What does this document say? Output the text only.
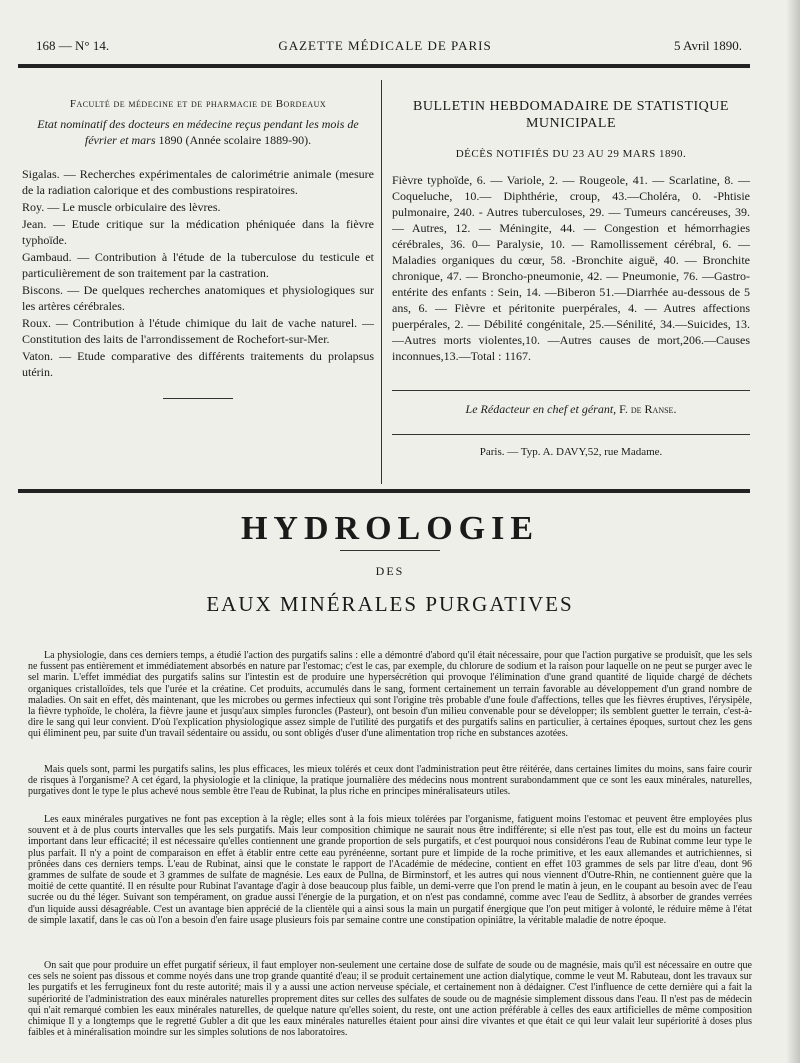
168 — N° 14.	GAZETTE MÉDICALE DE PARIS	5 Avril 1890.
Faculté de médecine et de pharmacie de Bordeaux
Etat nominatif des docteurs en médecine reçus pendant les mois de février et mars 1890 (Année scolaire 1889-90).
Sigalas. — Recherches expérimentales de calorimétrie animale (mesure de la radiation calorique et des combustions respiratoires.
Roy. — Le muscle orbiculaire des lèvres.
Jean. — Etude critique sur la médication phéniquée dans la fièvre typhoïde.
Gambaud. — Contribution à l'étude de la tuberculose du testicule et particulièrement de son traitement par la castration.
Biscons. — De quelques recherches anatomiques et physiologiques sur les artères cérébrales.
Roux. — Contribution à l'étude chimique du lait de vache naturel. — Constitution des laits de l'arrondissement de Rochefort-sur-Mer.
Vaton. — Etude comparative des différents traitements du prolapsus utérin.
BULLETIN HEBDOMADAIRE DE STATISTIQUE MUNICIPALE
DÉCÈS NOTIFIÉS DU 23 AU 29 MARS 1890.
Fièvre typhoïde, 6. — Variole, 2. — Rougeole, 41. — Scarlatine, 8. — Coqueluche, 10.— Diphthérie, croup, 43.—Choléra, 0. -Phtisie pulmonaire, 240. - Autres tuberculoses, 29. — Tumeurs cancéreuses, 39. — Autres, 12. — Méningite, 44. — Congestion et hémorrhagies cérébrales, 36. 0— Paralysie, 10. — Ramollissement cérébral, 6. — Maladies organiques du cœur, 58. -Bronchite aiguë, 40. — Bronchite chronique, 47. — Broncho-pneumonie, 42. — Pneumonie, 76. —Gastro-entérite des enfants : Sein, 14. —Biberon 51.—Diarrhée au-dessous de 5 ans, 6. — Fièvre et péritonite puerpérales, 4. — Autres affections puerpérales, 2. — Débilité congénitale, 25.—Sénilité, 34.—Suicides, 13.—Autres morts violentes,10. —Autres causes de mort,206.—Causes inconnues,13.—Total : 1167.
Le Rédacteur en chef et gérant, F. de Ranse.
Paris. — Typ. A. DAVY,52, rue Madame.
HYDROLOGIE
DES
EAUX MINÉRALES PURGATIVES

La physiologie, dans ces derniers temps, a étudié l'action des purgatifs salins : elle a démontré d'abord qu'il était nécessaire, pour que l'action purgative se produisît, que les sels ne fussent pas entièrement et immédiatement absorbés en nature par l'estomac; c'est le cas, par exemple, du chlorure de sodium et la raison pour laquelle on ne peut se purger avec le sel marin. L'effet immédiat des purgatifs salins sur l'intestin est de produire une hypersécrétion qui provoque l'élimination d'une grand quantité de liquide chargé de déchets organiques cristalloïdes, tels que l'urée et la créatine. Cet produits, accumulés dans le sang, forment certainement un terrain favorable au développement d'un grand nombre de maladies. On sait en effet, dès maintenant, que les microbes ou germes infectieux qui sont l'origine très probable d'une foule d'affections, telles que les fièvres éruptives, l'érysipèle, la fièvre typhoïde, le choléra, la fièvre jaune et jusqu'aux simples furoncles (Pasteur), ont besoin d'un milieu convenable pour se développer; ils semblent guetter le terrain, c'est-à-dire le sang qui leur convient. D'où l'explication physiologique assez simple de l'utilité des purgatifs et des purgatifs salins en particulier, à certaines époques, surtout chez les gens qui éliminent peu, par suite d'un travail sédentaire ou assidu, ou sont obligés d'user d'une alimentation trop riche en substances azotées.

Mais quels sont, parmi les purgatifs salins, les plus efficaces, les mieux tolérés et ceux dont l'administration peut être réitérée, dans certaines limites du moins, sans faire courir de risques à l'organisme? A cet égard, la physiologie et la clinique, la pratique journalière des médecins nous montrent surabondamment que ce sont les eaux minérales, naturelles, purgatives dont le type le plus achevé nous semble être l'eau de Rubinat, la plus riche en principes minéralisateurs utiles.

Les eaux minérales purgatives ne font pas exception à la règle; elles sont à la fois mieux tolérées par l'organisme, fatiguent moins l'estomac et peuvent être employées plus souvent et à de plus courts intervalles que les sels purgatifs. Mais leur composition chimique ne saurait nous être indifférente; si elle n'est pas tout, elle est du moins un facteur important dans leur efficacité; il est nécessaire qu'elles contiennent une grande proportion de sels purgatifs, et c'est pourquoi nous considérons l'eau de Rubinat comme leur type le plus parfait. Il n'y a point de comparaison en effet à établir entre cette eau pyrénéenne, sortant pure et limpide de la roche primitive, et les eaux allemandes et autrichiennes, si prônées dans ces derniers temps. L'eau de Rubinat, ainsi que le constate le rapport de l'Académie de médecine, contient en effet 103 grammes de sels par litre d'eau, dont 96 grammes de sulfate de soude et 3 grammes de sulfate de magnésie. Les eaux de Pullna, de Birminstorf, et les autres qui nous viennent d'Outre-Rhin, ne contiennent guère que la moitié de cette quantité. Il en résulte pour Rubinat l'avantage d'agir à dose beaucoup plus faible, un demi-verre que l'on prend le matin à jeun, en le coupant au besoin avec de l'eau sucrée ou du thé léger. Suivant son tempérament, on gradue aussi l'énergie de la purgation, et on n'est pas condamné, comme avec l'eau de Sedlitz, à absorber de grandes verrées d'un liquide aussi désagréable. C'est un avantage bien apprécié de la clientèle qui a ainsi sous la main un purgatif énergique que l'on peut mitiger à volonté, le réduire même à l'état de simple laxatif, dans le cas où l'on a besoin d'en faire usage plusieurs fois par semaine contre une constipation opiniâtre, la véritable maladie de notre époque.

On sait que pour produire un effet purgatif sérieux, il faut employer non-seulement une certaine dose de sulfate de soude ou de magnésie, mais qu'il est nécessaire en outre que ces sels ne soient pas dissous et comme noyés dans une trop grande quantité d'eau; il se produit certainement une action dialytique, comme le veut M. Rabuteau, dont les travaux sur les purgatifs et les ferrugineux font du reste autorité; mais il y a aussi une action nerveuse spéciale, et certainement non à dédaigner. C'est l'influence de cette dernière qui a fait la supériorité de l'administration des eaux minérales naturelles proprement dites sur celles des sulfates de soude ou de magnésie simplement dissous dans l'eau. Il n'est pas de médecin qui n'ait remarqué combien les eaux minérales naturelles, de quelque nature qu'elles soient, du reste, ont une action préférable à celles des eaux artificielles de même composition chimique Il y a longtemps que le regretté Gubler a dit que les eaux minérales naturelles étaient pour ainsi dire vivantes et que était ce qui leur valait leur supériorité à doses plus faibles et à minéralisation moindre sur les simples solutions de nos laboratoires.
